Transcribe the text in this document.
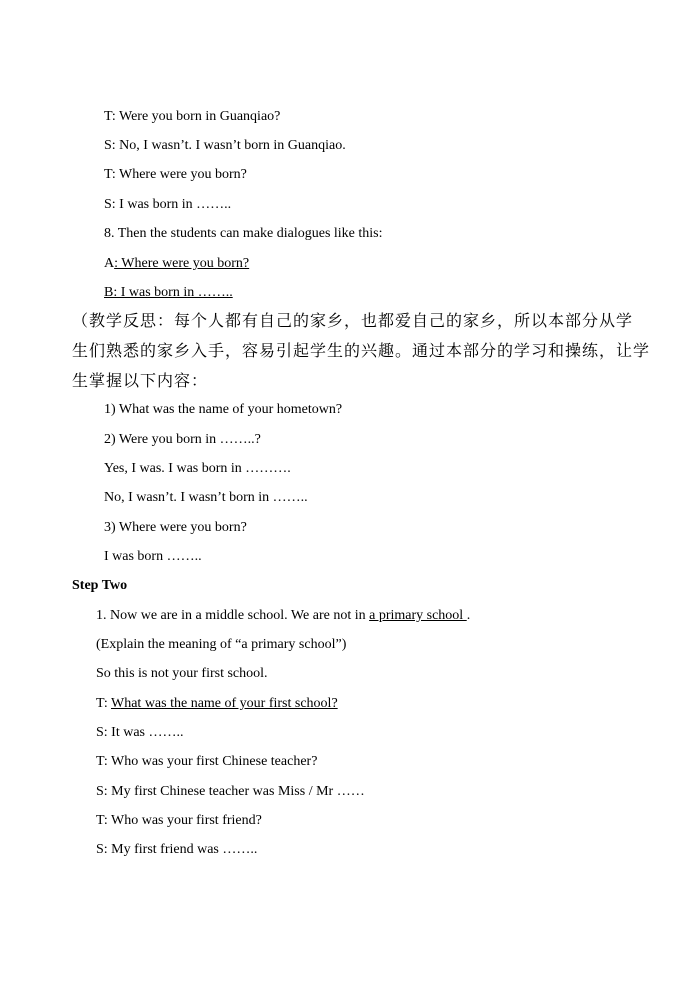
T: Were you born in Guanqiao?
S: No, I wasn’t. I wasn’t born in Guanqiao.
T: Where were you born?
S: I was born in ……..
8. Then the students can make dialogues like this:
A: Where were you born?
B: I was born in ……..
（教学反思：每个人都有自己的家乡，也都爱自己的家乡，所以本部分从学
生们熟悉的家乡入手，容易引起学生的兴趣。通过本部分的学习和操练，让学
生掌握以下内容：
1) What was the name of your hometown?
2) Were you born in ……..?
Yes, I was. I was born in ……….
No, I wasn’t. I wasn’t born in ……..
3) Where were you born?
I was born ……..
Step Two
1. Now we are in a middle school. We are not in a primary school .
(Explain the meaning of “a primary school”)
So this is not your first school.
T: What was the name of your first school?
S: It was ……..
T: Who was your first Chinese teacher?
S: My first Chinese teacher was Miss / Mr ……
T: Who was your first friend?
S: My first friend was ……..
